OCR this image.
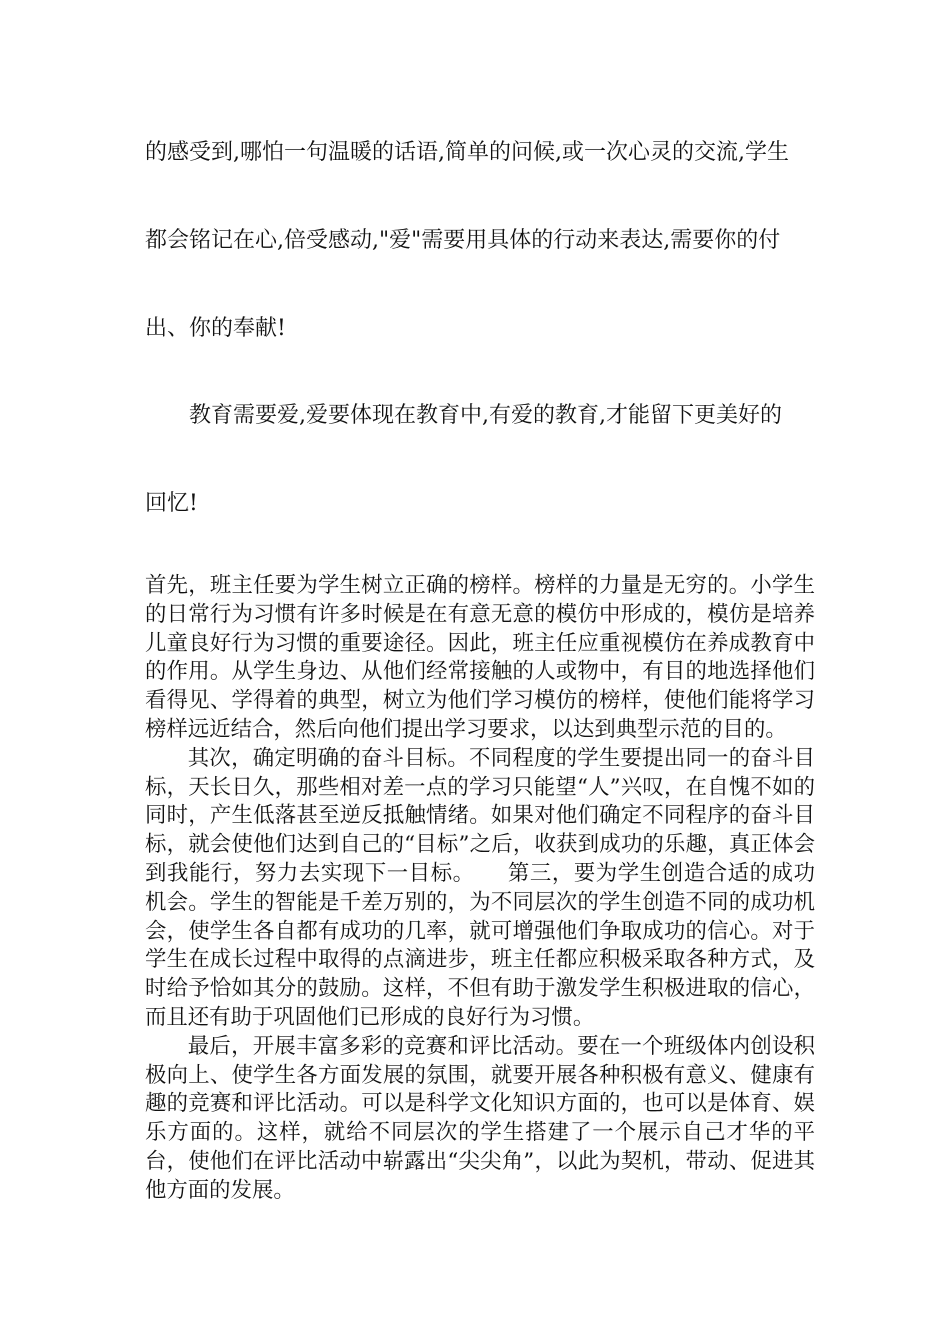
的感受到,哪怕一句温暖的话语,简单的问候,或一次心灵的交流,学生

都会铭记在心,倍受感动,"爱"需要用具体的行动来表达,需要你的付

出、你的奉献!

教育需要爱,爱要体现在教育中,有爱的教育,才能留下更美好的

回忆!

首先，班主任要为学生树立正确的榜样。榜样的力量是无穷的。小学生的日常行为习惯有许多时候是在有意无意的模仿中形成的，模仿是培养儿童良好行为习惯的重要途径。因此，班主任应重视模仿在养成教育中的作用。从学生身边、从他们经常接触的人或物中，有目的地选择他们看得见、学得着的典型，树立为他们学习模仿的榜样，使他们能将学习榜样远近结合，然后向他们提出学习要求，以达到典型示范的目的。

其次，确定明确的奋斗目标。不同程度的学生要提出同一的奋斗目标，天长日久，那些相对差一点的学习只能望“人”兴叹，在自愧不如的同时，产生低落甚至逆反抵触情绪。如果对他们确定不同程序的奋斗目标，就会使他们达到自己的“目标”之后，收获到成功的乐趣，真正体会到我能行，努力去实现下一目标。　　第三，要为学生创造合适的成功机会。学生的智能是千差万别的，为不同层次的学生创造不同的成功机会，使学生各自都有成功的几率，就可增强他们争取成功的信心。对于学生在成长过程中取得的点滴进步，班主任都应积极采取各种方式，及时给予恰如其分的鼓励。这样，不但有助于激发学生积极进取的信心，而且还有助于巩固他们已形成的良好行为习惯。

最后，开展丰富多彩的竞赛和评比活动。要在一个班级体内创设积极向上、使学生各方面发展的氛围，就要开展各种积极有意义、健康有趣的竞赛和评比活动。可以是科学文化知识方面的，也可以是体育、娱乐方面的。这样，就给不同层次的学生搭建了一个展示自己才华的平台，使他们在评比活动中崭露出“尖尖角”，以此为契机，带动、促进其他方面的发展。
